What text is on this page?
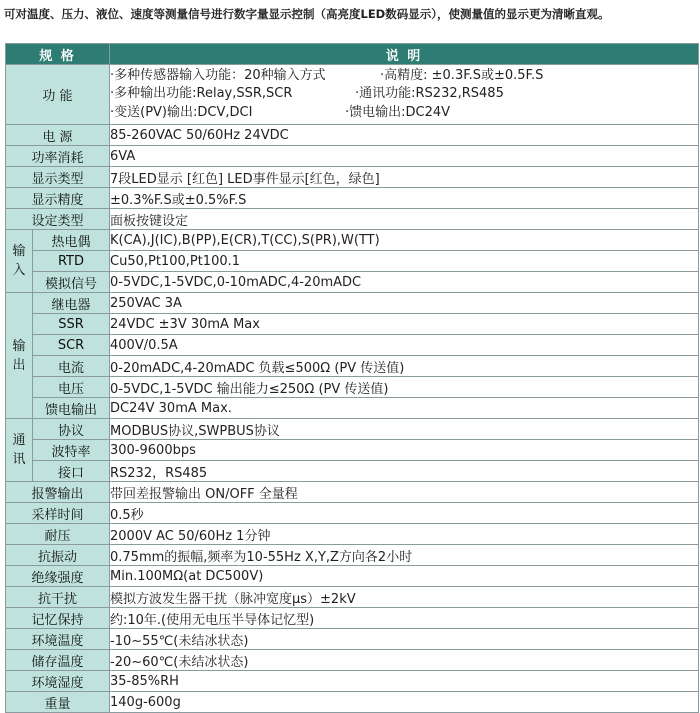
可对温度、压力、液位、速度等测量信号进行数字量显示控制（高亮度LED数码显示），使测量值的显示更为清晰直观。
规 格		说 明
功 能		·多种传感器输入功能：20种输入方式 ·高精度: ±0.3F.S或±0.5F.S
·多种输出功能:Relay,SSR,SCR ·通讯功能:RS232,RS485
·变送(PV)输出:DCV,DCI ·馈电输出:DC24V

电 源		85-260VAC 50/60Hz 24VDC
功率消耗		6VA
显示类型		7段LED显示 [红色] LED事件显示[红色，绿色]
显示精度		±0.3%F.S或±0.5%F.S
设定类型		面板按键设定

输
入	热电偶	K(CA),J(IC),B(PP),E(CR),T(CC),S(PR),W(TT)
	RTD	Cu50,Pt100,Pt100.1
	模拟信号	0-5VDC,1-5VDC,0-10mADC,4-20mADC

输
出	继电器	250VAC 3A
	SSR	24VDC ±3V 30mA Max
	SCR	400V/0.5A
	电流	0-20mADC,4-20mADC 负载≤500Ω (PV 传送值)
	电压	0-5VDC,1-5VDC 输出能力≤250Ω (PV 传送值)
	馈电输出	DC24V 30mA Max.

通
讯	协议	MODBUS协议,SWPBUS协议
	波特率	300-9600bps
	接口	RS232，RS485
报警输出		带回差报警输出 ON/OFF 全量程
采样时间		0.5秒
耐压		2000V AC 50/60Hz 1分钟
抗振动		0.75mm的振幅,频率为10-55Hz X,Y,Z方向各2小时
绝缘强度		Min.100MΩ(at DC500V)
抗干扰		模拟方波发生器干扰（脉冲宽度μs）±2kV
记忆保持		约:10年.(使用无电压半导体记忆型)
环境温度		-10~55℃(未结冰状态)
储存温度		-20~60℃(未结冰状态)
环境湿度		35-85%RH
重量		140g-600g
